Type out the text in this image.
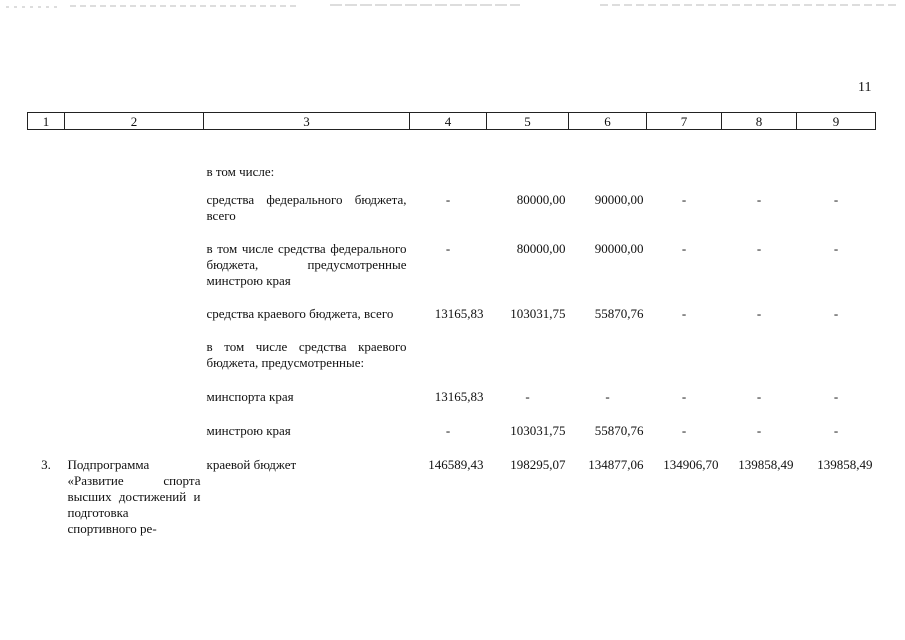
11
1	2	3	4	5	6	7	8	9
		в том числе:						
		средства федерального бюджета, всего	-	80000,00	90000,00	-	-	-
		в том числе средства федерального бюджета, предусмотренные минстрою края	-	80000,00	90000,00	-	-	-
		средства краевого бюджета, всего	13165,83	103031,75	55870,76	-	-	-
		в том числе средства краевого бюджета, предусмотренные:						
		минспорта края	13165,83	-	-	-	-	-
		минстрою края	-	103031,75	55870,76	-	-	-
3.	Подпрограмма «Развитие спорта высших достижений и подготовка спортивного ре-	краевой бюджет	146589,43	198295,07	134877,06	134906,70	139858,49	139858,49
